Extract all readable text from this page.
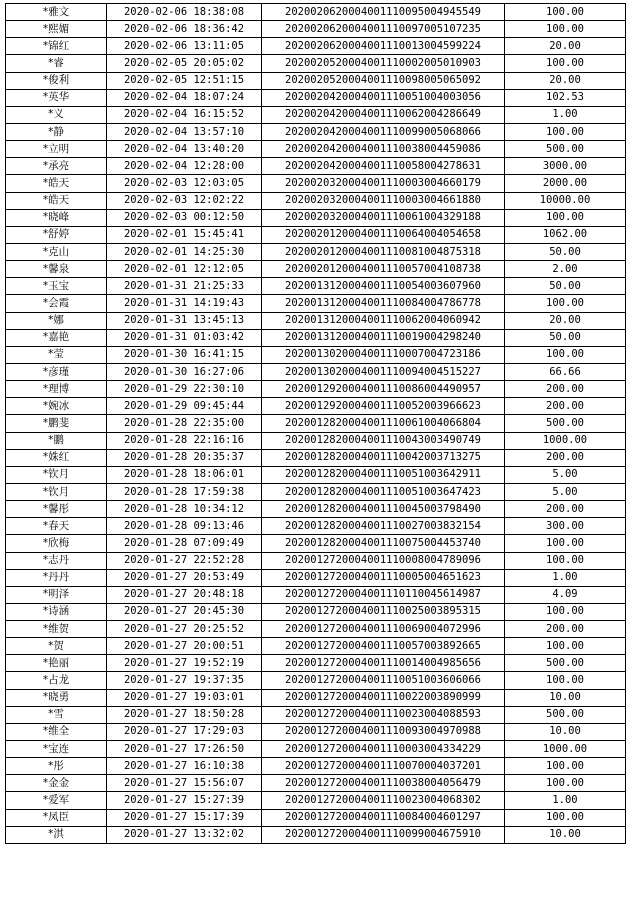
*雅文	2020-02-06 18:38:08	2020020620004001110095004945549	100.00
*熙媚	2020-02-06 18:36:42	2020020620004001110097005107235	100.00
*锦红	2020-02-06 13:11:05	2020020620004001110013004599224	20.00
*睿	2020-02-05 20:05:02	2020020520004001110002005010903	100.00
*俊利	2020-02-05 12:51:15	2020020520004001110098005065092	20.00
*英华	2020-02-04 18:07:24	2020020420004001110051004003056	102.53
*义	2020-02-04 16:15:52	2020020420004001110062004286649	1.00
*静	2020-02-04 13:57:10	2020020420004001110099005068066	100.00
*立明	2020-02-04 13:40:20	2020020420004001110038004459086	500.00
*承亮	2020-02-04 12:28:00	2020020420004001110058004278631	3000.00
*皓天	2020-02-03 12:03:05	2020020320004001110003004660179	2000.00
*皓天	2020-02-03 12:02:22	2020020320004001110003004661880	10000.00
*晓峰	2020-02-03 00:12:50	2020020320004001110061004329188	100.00
*舒婷	2020-02-01 15:45:41	2020020120004001110064004054658	1062.00
*克山	2020-02-01 14:25:30	2020020120004001110081004875318	50.00
*馨泉	2020-02-01 12:12:05	2020020120004001110057004108738	2.00
*玉宝	2020-01-31 21:25:33	2020013120004001110054003607960	50.00
*会霞	2020-01-31 14:19:43	2020013120004001110084004786778	100.00
*娜	2020-01-31 13:45:13	2020013120004001110062004060942	20.00
*嘉艳	2020-01-31 01:03:42	2020013120004001110019004298240	50.00
*莹	2020-01-30 16:41:15	2020013020004001110007004723186	100.00
*彦瑾	2020-01-30 16:27:06	2020013020004001110094004515227	66.66
*理博	2020-01-29 22:30:10	2020012920004001110086004490957	200.00
*婉冰	2020-01-29 09:45:44	2020012920004001110052003966623	200.00
*鹏斐	2020-01-28 22:35:00	2020012820004001110061004066804	500.00
*鹏	2020-01-28 22:16:16	2020012820004001110043003490749	1000.00
*姝红	2020-01-28 20:35:37	2020012820004001110042003713275	200.00
*钦月	2020-01-28 18:06:01	2020012820004001110051003642911	5.00
*钦月	2020-01-28 17:59:38	2020012820004001110051003647423	5.00
*馨彤	2020-01-28 10:34:12	2020012820004001110045003798490	200.00
*春天	2020-01-28 09:13:46	2020012820004001110027003832154	300.00
*欣梅	2020-01-28 07:09:49	2020012820004001110075004453740	100.00
*志丹	2020-01-27 22:52:28	2020012720004001110008004789096	100.00
*丹丹	2020-01-27 20:53:49	2020012720004001110005004651623	1.00
*明泽	2020-01-27 20:48:18	2020012720004001110110045614987	4.09
*诗涵	2020-01-27 20:45:30	2020012720004001110025003895315	100.00
*维贺	2020-01-27 20:25:52	2020012720004001110069004072996	200.00
*贺	2020-01-27 20:00:51	2020012720004001110057003892665	100.00
*艳丽	2020-01-27 19:52:19	2020012720004001110014004985656	500.00
*占龙	2020-01-27 19:37:35	2020012720004001110051003606066	100.00
*晓勇	2020-01-27 19:03:01	2020012720004001110022003890999	10.00
*雪	2020-01-27 18:50:28	2020012720004001110023004088593	500.00
*维全	2020-01-27 17:29:03	2020012720004001110093004970988	10.00
*宝连	2020-01-27 17:26:50	2020012720004001110003004334229	1000.00
*彤	2020-01-27 16:10:38	2020012720004001110070004037201	100.00
*金金	2020-01-27 15:56:07	2020012720004001110038004056479	100.00
*爱军	2020-01-27 15:27:39	2020012720004001110023004068302	1.00
*凤臣	2020-01-27 15:17:39	2020012720004001110084004601297	100.00
*淇	2020-01-27 13:32:02	2020012720004001110099004675910	10.00
